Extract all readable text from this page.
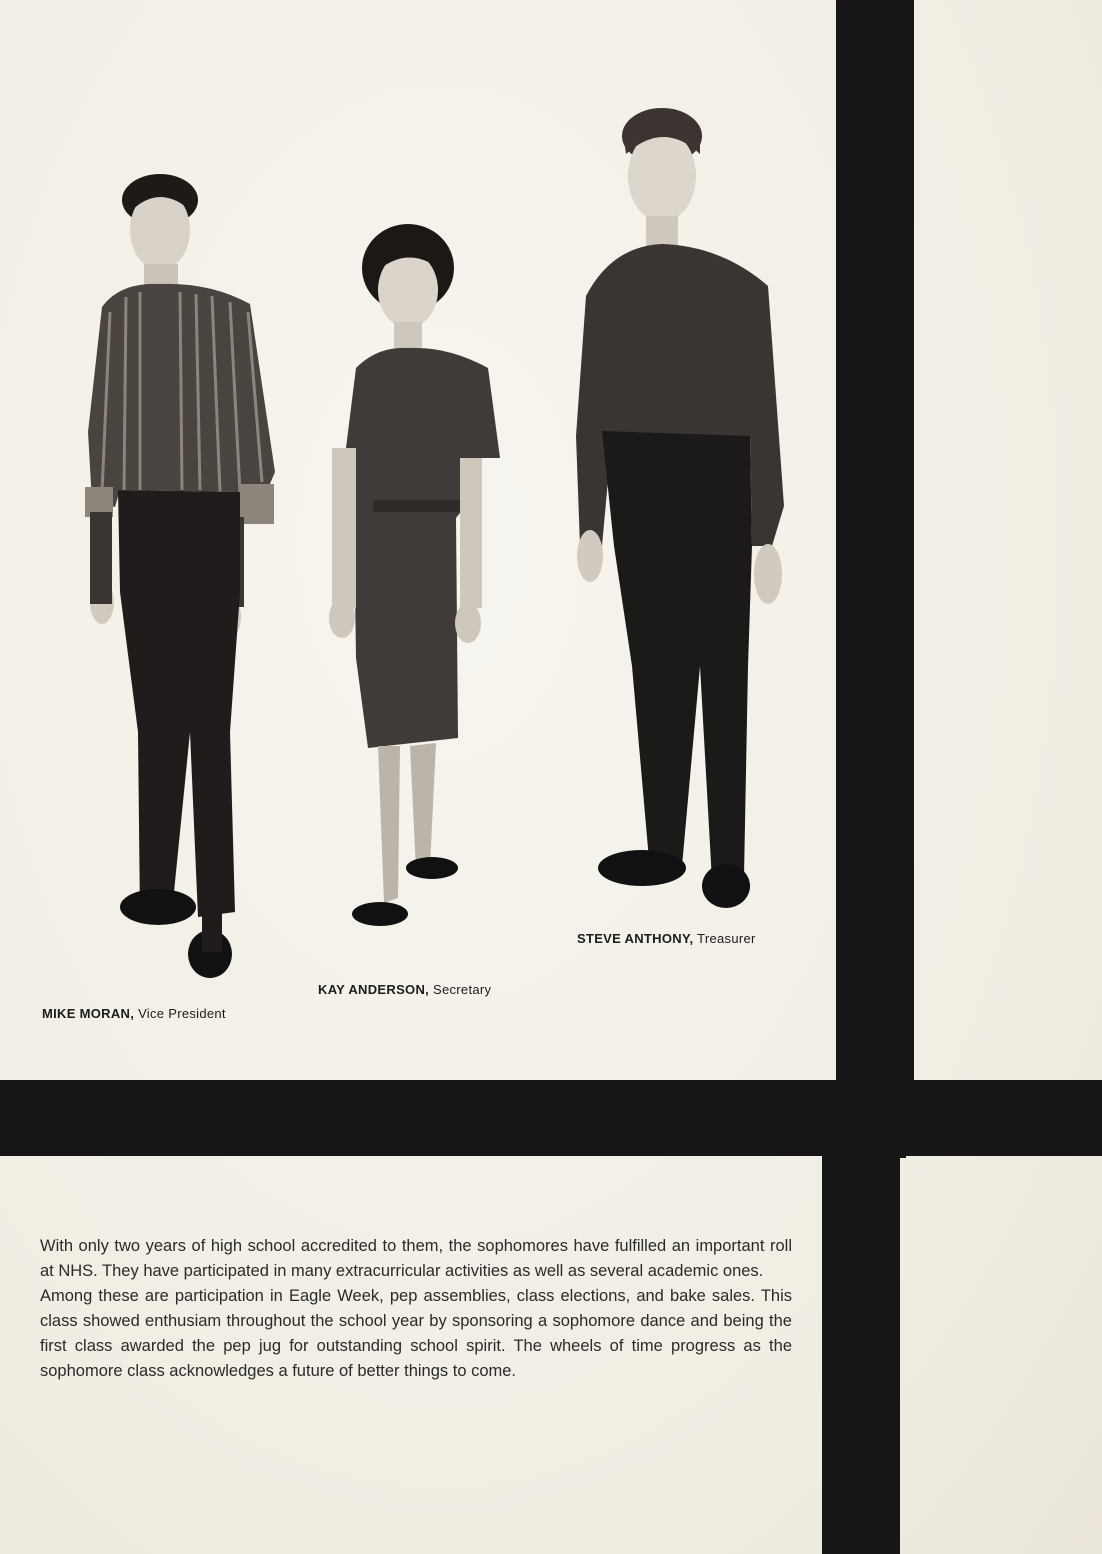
MIKE MORAN, Vice President
KAY ANDERSON, Secretary
STEVE ANTHONY, Treasurer

With only two years of high school accredited to them, the sophomores have fulfilled an important roll at NHS. They have participated in many extracurricular activities as well as several academic ones.

Among these are participation in Eagle Week, pep assemblies, class elections, and bake sales. This class showed enthusiam throughout the school year by sponsoring a sophomore dance and being the first class awarded the pep jug for outstanding school spirit. The wheels of time progress as the sophomore class acknowledges a future of better things to come.
